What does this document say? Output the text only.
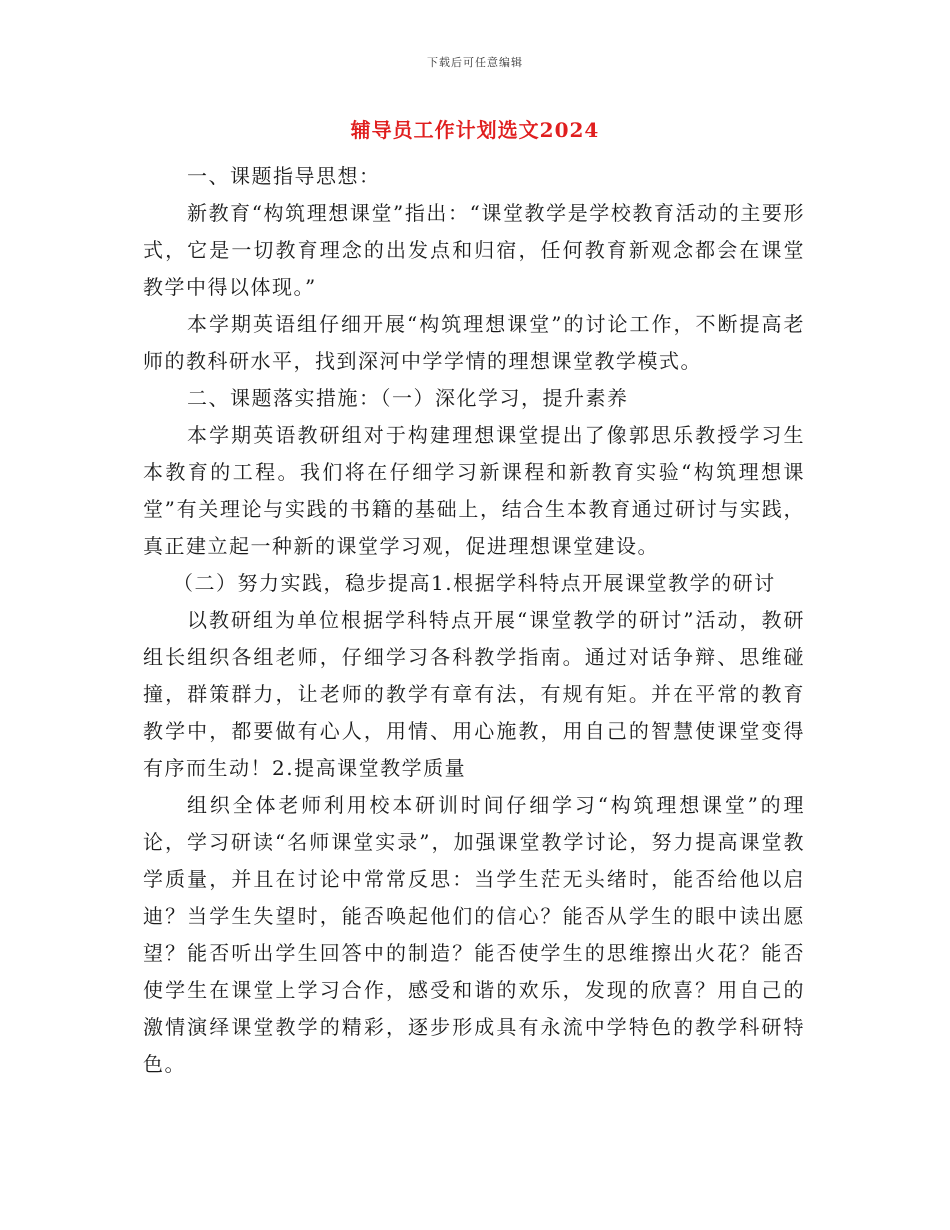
下载后可任意编辑
辅导员工作计划选文2024

一、课题指导思想：

新教育“构筑理想课堂”指出：“课堂教学是学校教育活动的主要形式，它是一切教育理念的出发点和归宿，任何教育新观念都会在课堂教学中得以体现。”

本学期英语组仔细开展“构筑理想课堂”的讨论工作，不断提高老师的教科研水平，找到深河中学学情的理想课堂教学模式。

二、课题落实措施：（一）深化学习，提升素养

本学期英语教研组对于构建理想课堂提出了像郭思乐教授学习生本教育的工程。我们将在仔细学习新课程和新教育实验“构筑理想课堂”有关理论与实践的书籍的基础上，结合生本教育通过研讨与实践，真正建立起一种新的课堂学习观，促进理想课堂建设。

（二）努力实践，稳步提高1.根据学科特点开展课堂教学的研讨

以教研组为单位根据学科特点开展“课堂教学的研讨”活动，教研组长组织各组老师，仔细学习各科教学指南。通过对话争辩、思维碰撞，群策群力，让老师的教学有章有法，有规有矩。并在平常的教育教学中，都要做有心人，用情、用心施教，用自己的智慧使课堂变得有序而生动！2.提高课堂教学质量

组织全体老师利用校本研训时间仔细学习“构筑理想课堂”的理论，学习研读“名师课堂实录”，加强课堂教学讨论，努力提高课堂教学质量，并且在讨论中常常反思：当学生茫无头绪时，能否给他以启迪？当学生失望时，能否唤起他们的信心？能否从学生的眼中读出愿望？能否听出学生回答中的制造？能否使学生的思维擦出火花？能否使学生在课堂上学习合作，感受和谐的欢乐，发现的欣喜？用自己的激情演绎课堂教学的精彩，逐步形成具有永流中学特色的教学科研特色。
